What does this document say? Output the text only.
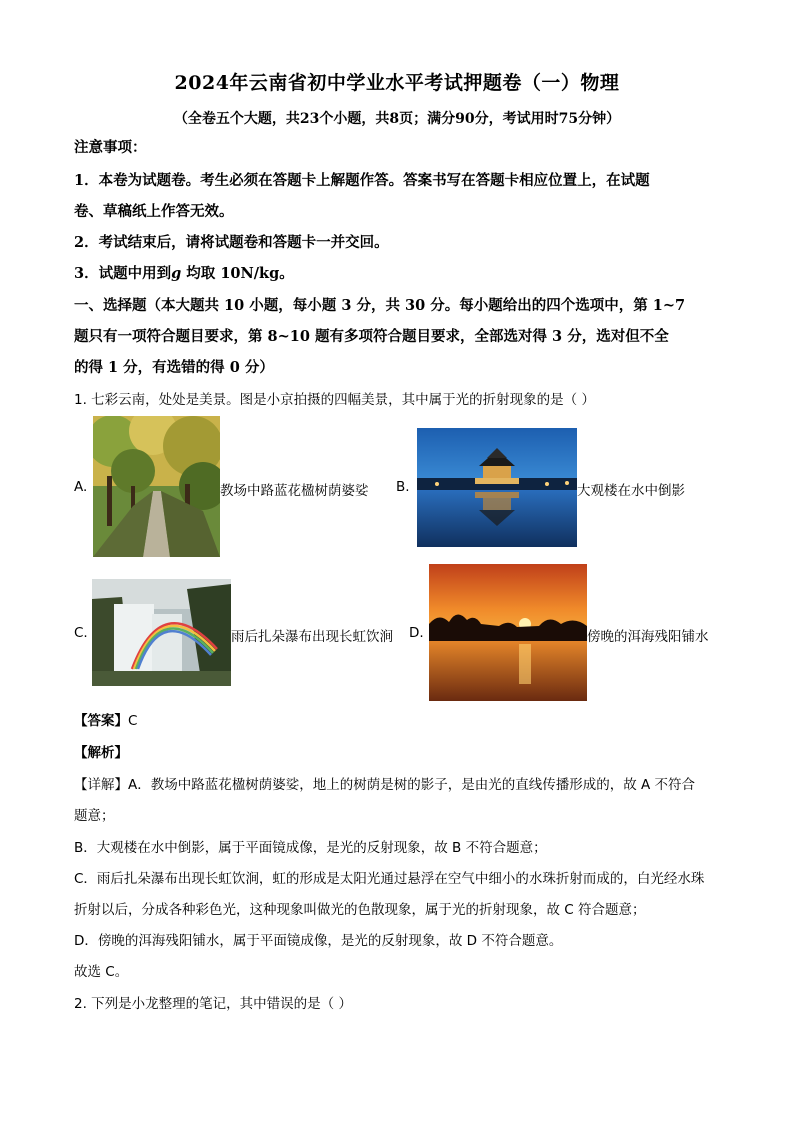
2024年云南省初中学业水平考试押题卷（一）物理
（全卷五个大题，共23个小题，共8页；满分90分，考试用时75分钟）
注意事项：
1．本卷为试题卷。考生必须在答题卡上解题作答。答案书写在答题卡相应位置上，在试题
卷、草稿纸上作答无效。
2．考试结束后，请将试题卷和答题卡一并交回。
3．试题中用到g 均取 10N/kg。
一、选择题（本大题共 10 小题，每小题 3 分，共 30 分。每小题给出的四个选项中，第 1~7
题只有一项符合题目要求，第 8~10 题有多项符合题目要求，全部选对得 3 分，选对但不全
的得 1 分，有选错的得 0 分）
1. 七彩云南，处处是美景。图是小京拍摄的四幅美景，其中属于光的折射现象的是（ ）
A.	教场中路蓝花楹树荫婆娑 B.	大观楼在水中倒影
C.	雨后扎朵瀑布出现长虹饮涧 D.	傍晚的洱海残阳铺水
【答案】C
【解析】
【详解】A．教场中路蓝花楹树荫婆娑，地上的树荫是树的影子，是由光的直线传播形成的，故 A 不符合
题意；
B．大观楼在水中倒影，属于平面镜成像，是光的反射现象，故 B 不符合题意；
C．雨后扎朵瀑布出现长虹饮涧，虹的形成是太阳光通过悬浮在空气中细小的水珠折射而成的，白光经水珠
折射以后，分成各种彩色光，这种现象叫做光的色散现象，属于光的折射现象，故 C 符合题意；
D．傍晚的洱海残阳铺水，属于平面镜成像，是光的反射现象，故 D 不符合题意。
故选 C。
2. 下列是小龙整理的笔记，其中错误的是（ ）
